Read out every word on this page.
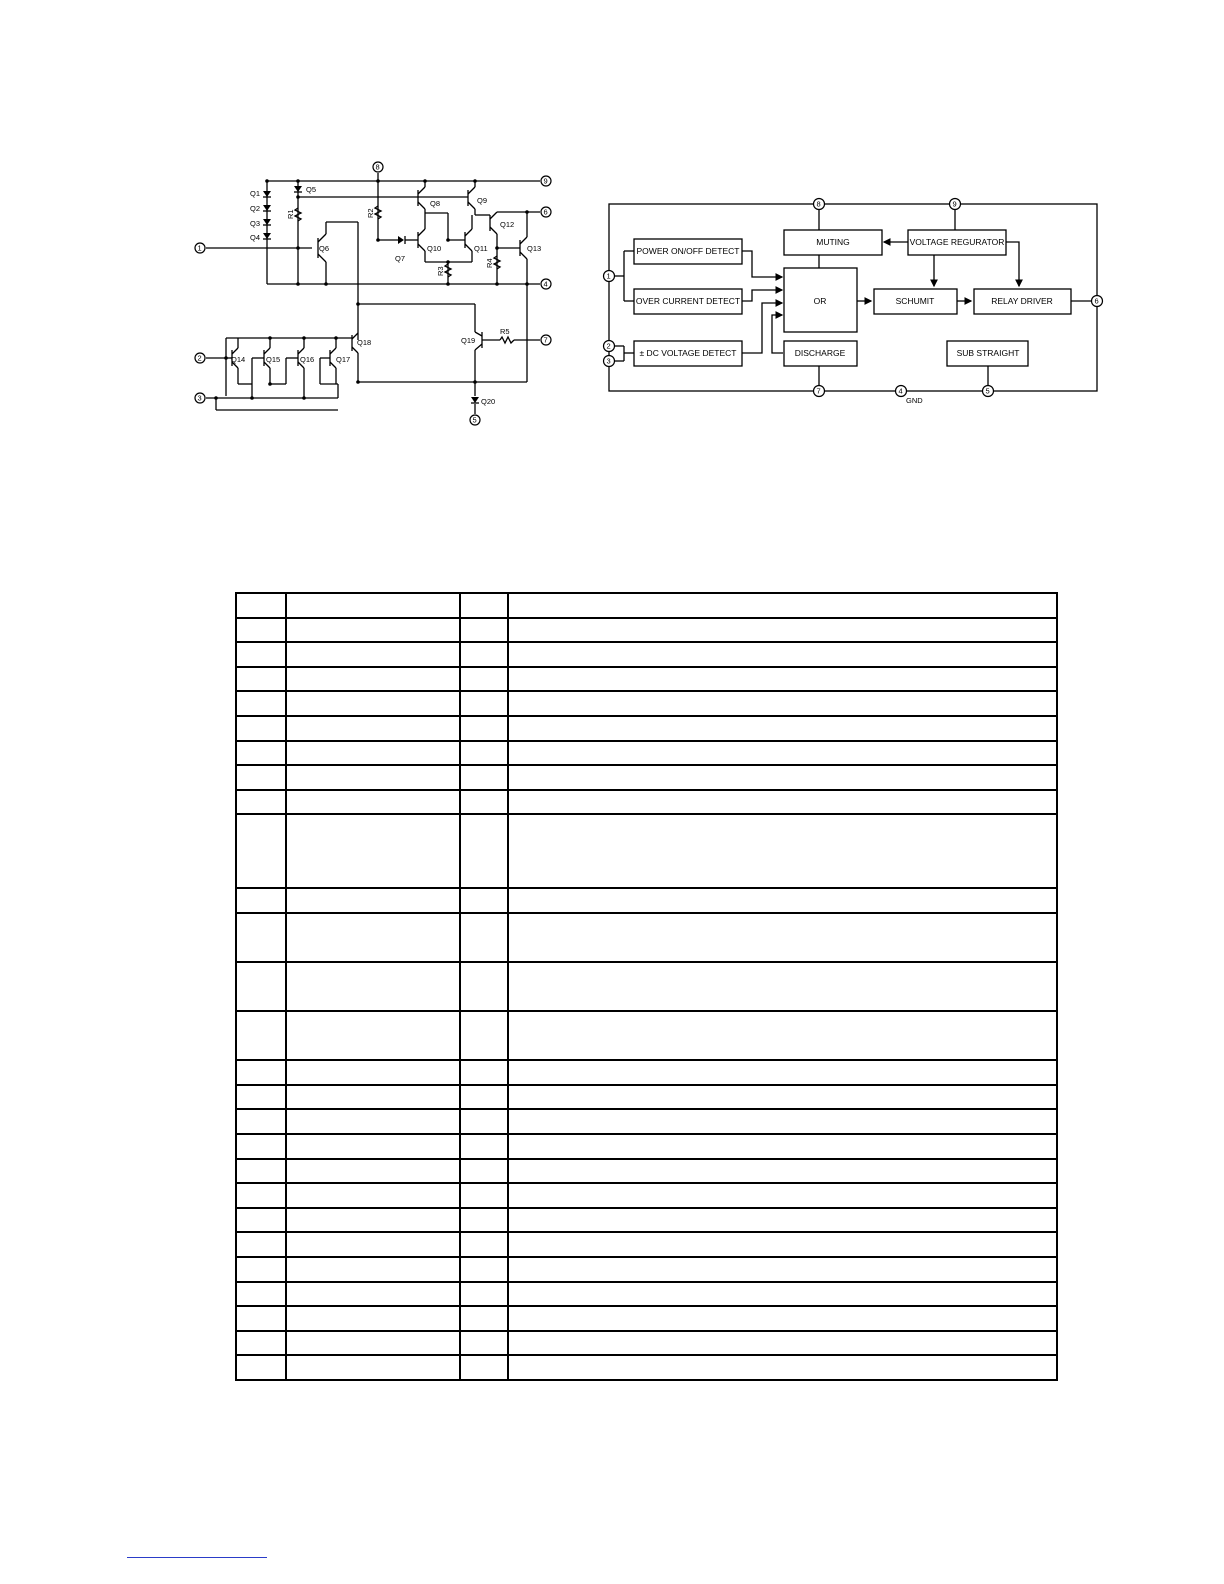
Q1
Q2
Q3
Q4
Q5
Q6
Q7
Q8	Q9
Q10	Q11
Q12
Q13
Q14	Q15	Q16	Q17
Q18	Q19
Q20
R1	R2
R3
R4
R5
1
2
3
4
5
6
7
8
9
POWER ON/OFF DETECT
OVER CURRENT DETECT
± DC VOLTAGE DETECT
MUTING	VOLTAGE REGURATOR
OR	SCHUMIT	RELAY DRIVER
DISCHARGE	SUB STRAIGHT
1
2
3
4	5
6
7
8	9
GND
